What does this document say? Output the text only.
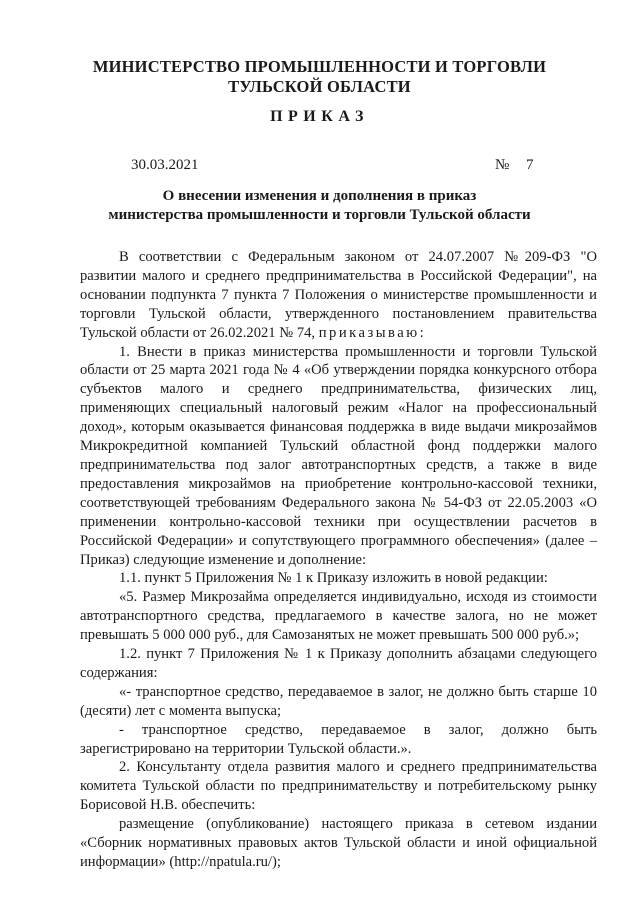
МИНИСТЕРСТВО ПРОМЫШЛЕННОСТИ И ТОРГОВЛИ
ТУЛЬСКОЙ ОБЛАСТИ
ПРИКАЗ
30.03.2021	№ 7
О внесении изменения и дополнения в приказ
министерства промышленности и торговли Тульской области

В соответствии с Федеральным законом от 24.07.2007 №209-ФЗ "О развитии малого и среднего предпринимательства в Российской Федерации", на основании подпункта 7 пункта 7 Положения о министерстве промышленности и торговли Тульской области, утвержденного постановлением правительства Тульской области от 26.02.2021 № 74, приказываю:

1. Внести в приказ министерства промышленности и торговли Тульской области от 25 марта 2021 года № 4 «Об утверждении порядка конкурсного отбора субъектов малого и среднего предпринимательства, физических лиц, применяющих специальный налоговый режим «Налог на профессиональный доход», которым оказывается финансовая поддержка в виде выдачи микрозаймов Микрокредитной компанией Тульский областной фонд поддержки малого предпринимательства под залог автотранспортных средств, а также в виде предоставления микрозаймов на приобретение контрольно-кассовой техники, соответствующей требованиям Федерального закона № 54-ФЗ от 22.05.2003 «О применении контрольно-кассовой техники при осуществлении расчетов в Российской Федерации» и сопутствующего программного обеспечения» (далее – Приказ) следующие изменение и дополнение:

1.1. пункт 5 Приложения № 1 к Приказу изложить в новой редакции:

«5. Размер Микрозайма определяется индивидуально, исходя из стоимости автотранспортного средства, предлагаемого в качестве залога, но не может превышать 5 000 000 руб., для Самозанятых не может превышать 500 000 руб.»;

1.2. пункт 7 Приложения № 1 к Приказу дополнить абзацами следующего содержания:

«- транспортное средство, передаваемое в залог, не должно быть старше 10 (десяти) лет с момента выпуска;

- транспортное средство, передаваемое в залог, должно быть зарегистрировано на территории Тульской области.».

2. Консультанту отдела развития малого и среднего предпринимательства комитета Тульской области по предпринимательству и потребительскому рынку Борисовой Н.В. обеспечить:

размещение (опубликование) настоящего приказа в сетевом издании «Сборник нормативных правовых актов Тульской области и иной официальной информации» (http://npatula.ru/);
